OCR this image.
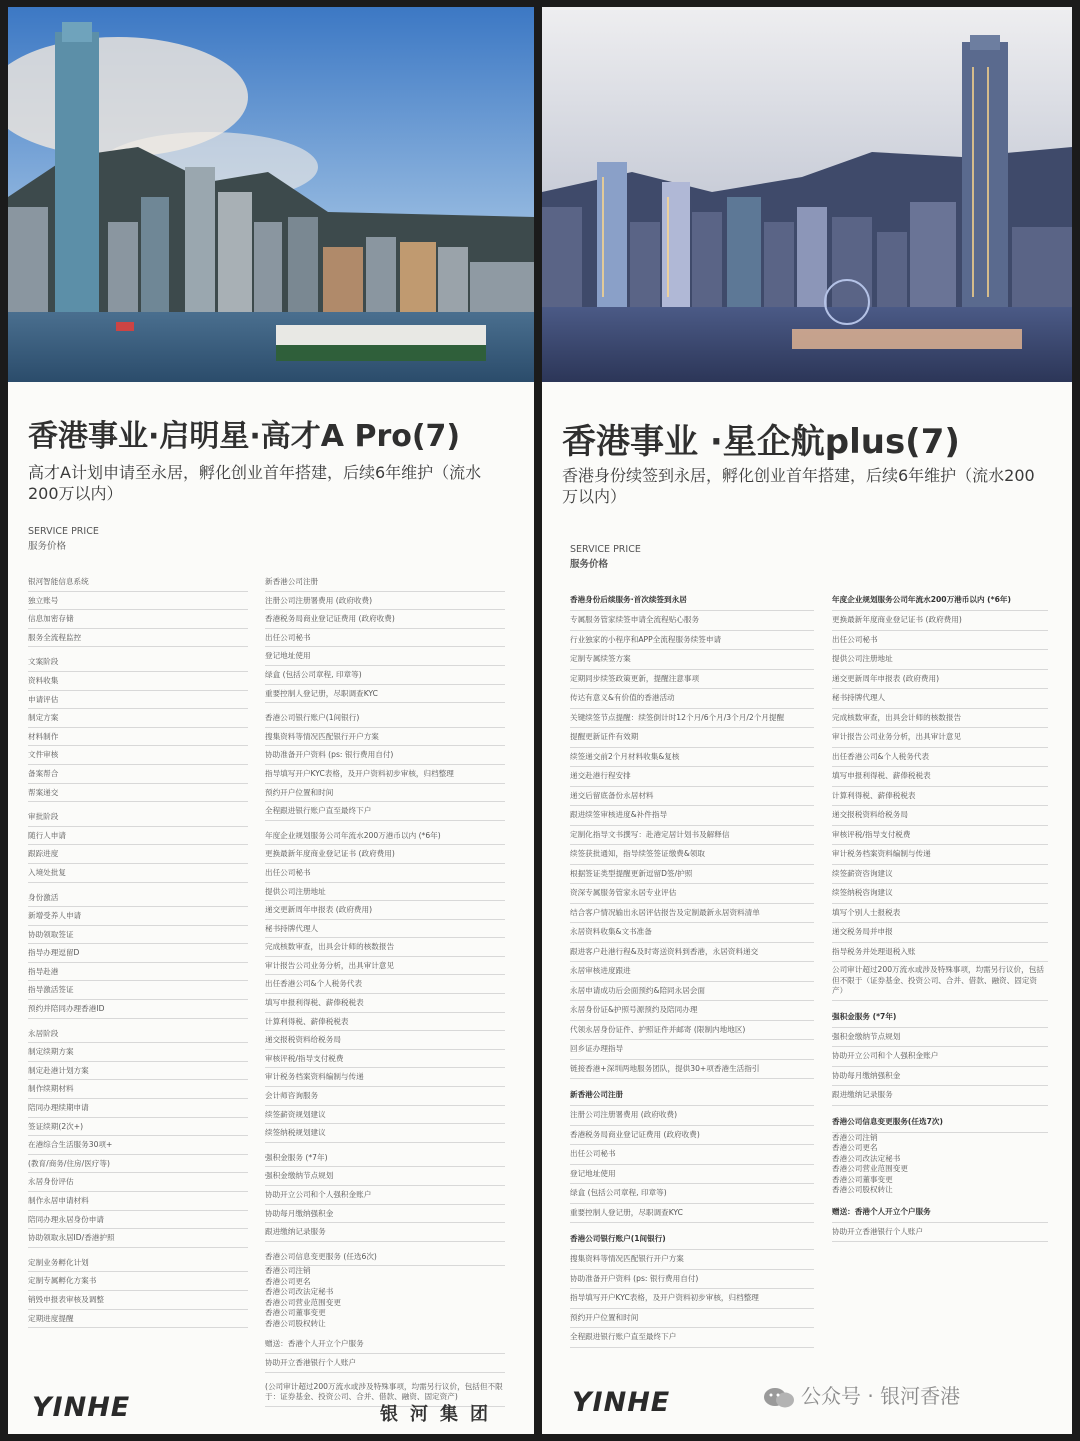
香港事业·启明星·高才A Pro(7)
高才A计划申请至永居，孵化创业首年搭建，后续6年维护（流水200万以内）
SERVICE PRICE
服务价格
银河智能信息系统
独立账号
信息加密存储
服务全流程监控
文案阶段
资料收集
申请评估
制定方案
材料制作
文件审核
备案帮合
帮案递交
审批阶段
随行人申请
跟踪进度
入境处批复
身份激活
新增受养人申请
协助领取签证
指导办理逗留D
指导赴港
指导激活签证
预约并陪同办理香港ID
永居阶段
制定续期方案
制定赴港计划方案
制作续期材料
陪同办理续期申请
签证续期(2次+)
在港综合生活服务30项+
(教育/商务/住房/医疗等)
永居身份评估
制作永居申请材料
陪同办理永居身份申请
协助领取永居ID/香港护照
定制业务孵化计划
定制专属孵化方案书
销毁申报表审核及调整
定期进度提醒
新香港公司注册
注册公司注册署费用 (政府收费)
香港税务局商业登记证费用 (政府收费)
出任公司秘书
登记地址使用
绿盒 (包括公司章程, 印章等)
重要控制人登记册，尽职调查KYC
香港公司银行账户(1间银行)
搜集资料等情况匹配银行开户方案
协助准备开户资料 (ps: 银行费用自付)
指导填写开户KYC表格，及开户资料初步审核，归档整理
预约开户位置和时间
全程跟进银行账户直至最终下户
年度企业规划服务公司年流水200万港币以内 (*6年)
更换最新年度商业登记证书 (政府费用)
出任公司秘书
提供公司注册地址
递交更新周年申报表 (政府费用)
秘书持牌代理人
完成核数审查，出具会计师的核数报告
审计报告公司业务分析，出具审计意见
出任香港公司&个人税务代表
填写申报利得税、薪俸税税表
计算利得税、薪俸税税表
递交报税资料给税务局
审核评税/指导支付税费
审计税务档案资料编制与传递
会计师咨询服务
续签薪资规划建议
续签纳税规划建议
强积金服务 (*7年)
强积金缴纳节点规划
协助开立公司和个人强积金账户
协助每月缴纳强积金
跟进缴纳记录服务
香港公司信息变更服务 (任选6次)
香港公司注销
香港公司更名
香港公司改法定秘书
香港公司营业范围变更
香港公司董事变更
香港公司股权转让
赠送：香港个人开立个户服务
协助开立香港银行个人账户
(公司审计超过200万流水或涉及特殊事项，均需另行议价，包括但不限于：证券基金、投资公司、合并、借款、融资、固定资产)
YINHE	银河集团
香港事业 ·星企航plus(7)
香港身份续签到永居，孵化创业首年搭建，后续6年维护（流水200万以内）
SERVICE PRICE
服务价格
香港身份后续服务·首次续签到永居
专属服务管家续签申请全流程贴心服务
行业独家的小程序和APP全流程服务续签申请
定制专属续签方案
定期同步续签政策更新，提醒注意事项
传达有意义&有价值的香港活动
关键续签节点提醒：续签倒计时12个月/6个月/3个月/2个月提醒
提醒更新证件有效期
续签递交前2个月材料收集&复核
递交赴港行程安排
递交后留底备份永居材料
跟进续签审核进度&补件指导
定制化指导文书撰写：赴港定居计划书及解释信
续签获批通知，指导续签签证缴费&领取
根据签证类型提醒更新逗留D签/护照
资深专属服务管家永居专业评估
结合客户情况输出永居评估报告及定制最新永居资料清单
永居资料收集&文书准备
跟进客户赴港行程&及时寄送资料到香港，永居资料递交
永居审核进度跟进
永居申请成功后会面预约&陪同永居会面
永居身份证&护照号源预约及陪同办理
代领永居身份证件、护照证件并邮寄 (限制内地地区)
回乡证办理指导
链接香港+深圳两地服务团队，提供30+项香港生活指引
新香港公司注册
注册公司注册署费用 (政府收费)
香港税务局商业登记证费用 (政府收费)
出任公司秘书
登记地址使用
绿盒 (包括公司章程, 印章等)
重要控制人登记册，尽职调查KYC
香港公司银行账户(1间银行)
搜集资料等情况匹配银行开户方案
协助准备开户资料 (ps: 银行费用自付)
指导填写开户KYC表格，及开户资料初步审核，归档整理
预约开户位置和时间
全程跟进银行账户直至最终下户
年度企业规划服务公司年流水200万港币以内 (*6年)
更换最新年度商业登记证书 (政府费用)
出任公司秘书
提供公司注册地址
递交更新周年申报表 (政府费用)
秘书持牌代理人
完成核数审查，出具会计师的核数报告
审计报告公司业务分析，出具审计意见
出任香港公司&个人税务代表
填写申报利得税、薪俸税税表
计算利得税、薪俸税税表
递交报税资料给税务局
审核评税/指导支付税费
审计税务档案资料编制与传递
续签薪资咨询建议
续签纳税咨询建议
填写个别人士报税表
递交税务局并申报
指导税务并处理退税入账
公司审计超过200万流水或涉及特殊事项，均需另行议价，包括但不限于（证券基金、投资公司、合并、借款、融资、固定资产）
强积金服务 (*7年)
强积金缴纳节点规划
协助开立公司和个人强积金账户
协助每月缴纳强积金
跟进缴纳记录服务
香港公司信息变更服务(任选7次)
香港公司注销
香港公司更名
香港公司改法定秘书
香港公司营业范围变更
香港公司董事变更
香港公司股权转让
赠送：香港个人开立个户服务
协助开立香港银行个人账户
YINHE	公众号 · 银河香港
